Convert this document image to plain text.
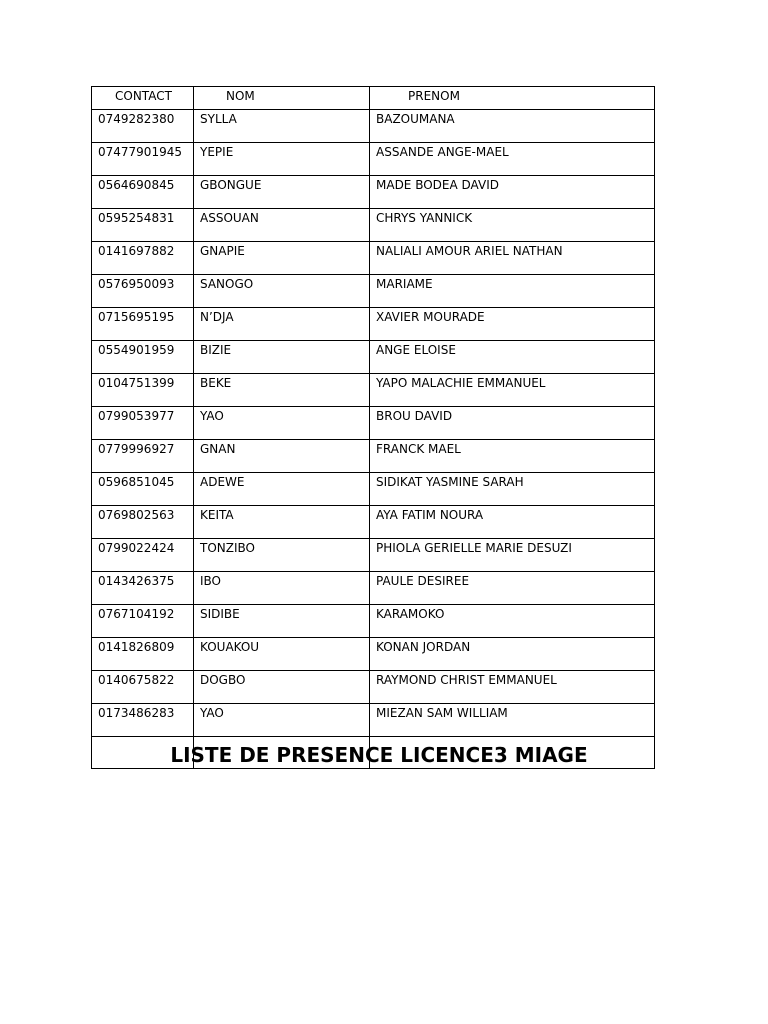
CONTACT	NOM	PRENOM
0749282380	SYLLA	BAZOUMANA
07477901945	YEPIE	ASSANDE ANGE-MAEL
0564690845	GBONGUE	MADE BODEA DAVID
0595254831	ASSOUAN	CHRYS YANNICK
0141697882	GNAPIE	NALIALI AMOUR ARIEL NATHAN
0576950093	SANOGO	MARIAME
0715695195	N’DJA	XAVIER MOURADE
0554901959	BIZIE	ANGE ELOISE
0104751399	BEKE	YAPO MALACHIE EMMANUEL
0799053977	YAO	BROU DAVID
0779996927	GNAN	FRANCK MAEL
0596851045	ADEWE	SIDIKAT YASMINE SARAH
0769802563	KEITA	AYA FATIM NOURA
0799022424	TONZIBO	PHIOLA GERIELLE MARIE DESUZI
0143426375	IBO	PAULE DESIREE
0767104192	SIDIBE	KARAMOKO
0141826809	KOUAKOU	KONAN JORDAN
0140675822	DOGBO	RAYMOND CHRIST EMMANUEL
0173486283	YAO	MIEZAN SAM WILLIAM

LISTE DE PRESENCE LICENCE3 MIAGE
